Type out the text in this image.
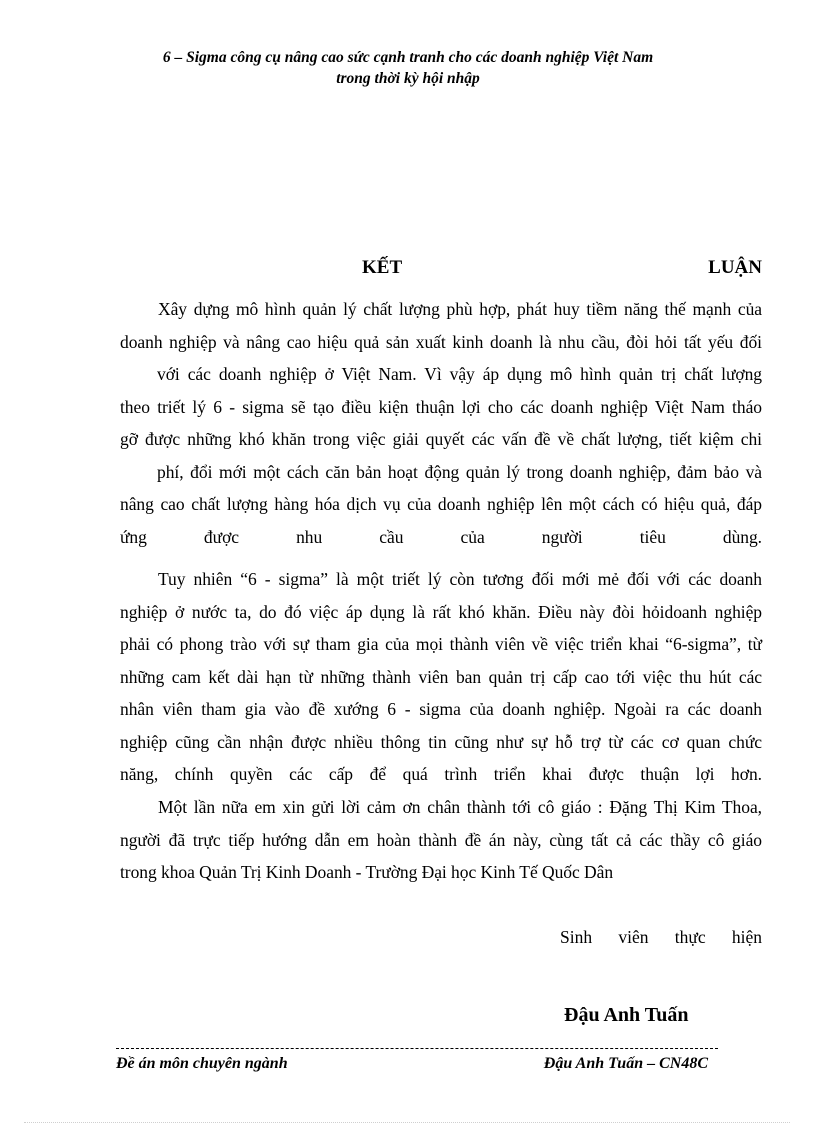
6 – Sigma công cụ nâng cao sức cạnh tranh cho các doanh nghiệp Việt Nam
trong thời kỳ hội nhập
KẾT	LUẬN
Xây dựng mô hình quản lý chất lượng phù hợp, phát huy tiềm năng thế mạnh của
doanh nghiệp và nâng cao hiệu quả sản xuất kinh doanh là nhu cầu, đòi hỏi tất yếu đối
với các doanh nghiệp ở Việt Nam. Vì vậy áp dụng mô hình quản trị chất lượng
theo triết lý 6 - sigma sẽ tạo điều kiện thuận lợi cho các doanh nghiệp Việt Nam tháo
gỡ được những khó khăn trong việc giải quyết các vấn đề về chất lượng, tiết kiệm chi
phí, đổi mới một cách căn bản hoạt động quản lý trong doanh nghiệp, đảm bảo và
nâng cao chất lượng hàng hóa dịch vụ của doanh nghiệp lên một cách có hiệu quả, đáp
ứng được nhu cầu của người tiêu dùng.
Tuy nhiên “6 - sigma” là một triết lý còn tương đối mới mẻ đối với các doanh
nghiệp ở nước ta, do đó việc áp dụng là rất khó khăn. Điều này đòi hỏidoanh nghiệp
phải có phong trào với sự tham gia của mọi thành viên về việc triển khai “6-sigma”, từ
những cam kết dài hạn từ những thành viên ban quản trị cấp cao tới việc thu hút các
nhân viên tham gia vào đề xướng 6 - sigma của doanh nghiệp. Ngoài ra các doanh
nghiệp cũng cần nhận được nhiều thông tin cũng như sự hỗ trợ từ các cơ quan chức
năng, chính quyền các cấp để quá trình triển khai được thuận lợi hơn.
Một lần nữa em xin gửi lời cảm ơn chân thành tới cô giáo : Đặng Thị Kim Thoa,
người đã trực tiếp hướng dẫn em hoàn thành đề án này, cùng tất cả các thầy cô giáo
trong khoa Quản Trị Kinh Doanh - Trường Đại học Kinh Tế Quốc Dân
Sinh viên thực hiện
Đậu Anh Tuấn
Đề án môn chuyên ngành	Đậu Anh Tuấn – CN48C
